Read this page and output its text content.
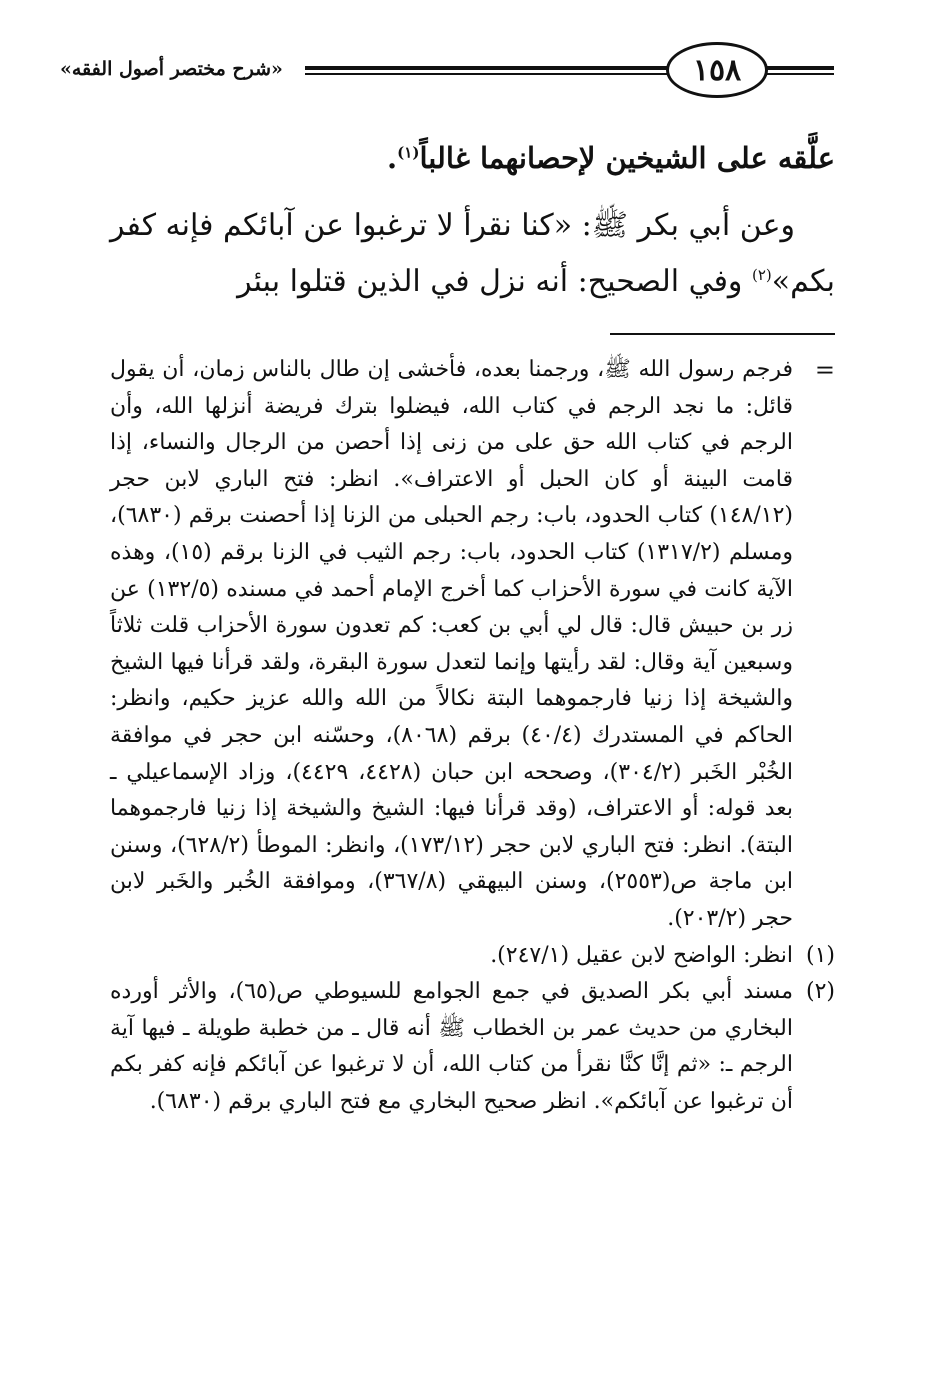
«شرح مختصر أصول الفقه»	١٥٨
علَّقه على الشيخين لإحصانهما غالباً$^{(١)}$.
وعن أبي بكر ﷺ: «كنا نقرأ لا ترغبوا عن آبائكم فإنه كفر بكم»$^{(٢)}$ وفي الصحيح: أنه نزل في الذين قتلوا ببئر

=
فرجم رسول الله ﷺ، ورجمنا بعده، فأخشى إن طال بالناس زمان، أن يقول قائل: ما نجد الرجم في كتاب الله، فيضلوا بترك فريضة أنزلها الله، وأن الرجم في كتاب الله حق على من زنى إذا أحصن من الرجال والنساء، إذا قامت البينة أو كان الحبل أو الاعتراف». انظر: فتح الباري لابن حجر (١٤٨/١٢) كتاب الحدود، باب: رجم الحبلى من الزنا إذا أحصنت برقم (٦٨٣٠)، ومسلم (١٣١٧/٢) كتاب الحدود، باب: رجم الثيب في الزنا برقم (١٥)، وهذه الآية كانت في سورة الأحزاب كما أخرج الإمام أحمد في مسنده (١٣٢/٥) عن زر بن حبيش قال: قال لي أبي بن كعب: كم تعدون سورة الأحزاب قلت ثلاثاً وسبعين آية وقال: لقد رأيتها وإنما لتعدل سورة البقرة، ولقد قرأنا فيها الشيخ والشيخة إذا زنيا فارجموهما البتة نكالاً من الله والله عزيز حكيم، وانظر: الحاكم في المستدرك (٤٠/٤) برقم (٨٠٦٨)، وحسّنه ابن حجر في موافقة الخُبْر الخَبر (٣٠٤/٢)، وصححه ابن حبان (٤٤٢٨، ٤٤٢٩)، وزاد الإسماعيلي ـ بعد قوله: أو الاعتراف، (وقد قرأنا فيها: الشيخ والشيخة إذا زنيا فارجموهما البتة). انظر: فتح الباري لابن حجر (١٧٣/١٢)، وانظر: الموطأ (٦٢٨/٢)، وسنن ابن ماجة ص(٢٥٥٣)، وسنن البيهقي (٣٦٧/٨)، وموافقة الخُبر والخَبر لابن حجر (٢٠٣/٢).

(١)
انظر: الواضح لابن عقيل (٢٤٧/١).

(٢)
مسند أبي بكر الصديق في جمع الجوامع للسيوطي ص(٦٥)، والأثر أورده البخاري من حديث عمر بن الخطاب ﷺ أنه قال ـ من خطبة طويلة ـ فيها آية الرجم ـ: «ثم إنَّا كنَّا نقرأ من كتاب الله، أن لا ترغبوا عن آبائكم فإنه كفر بكم أن ترغبوا عن آبائكم». انظر صحيح البخاري مع فتح الباري برقم (٦٨٣٠).
